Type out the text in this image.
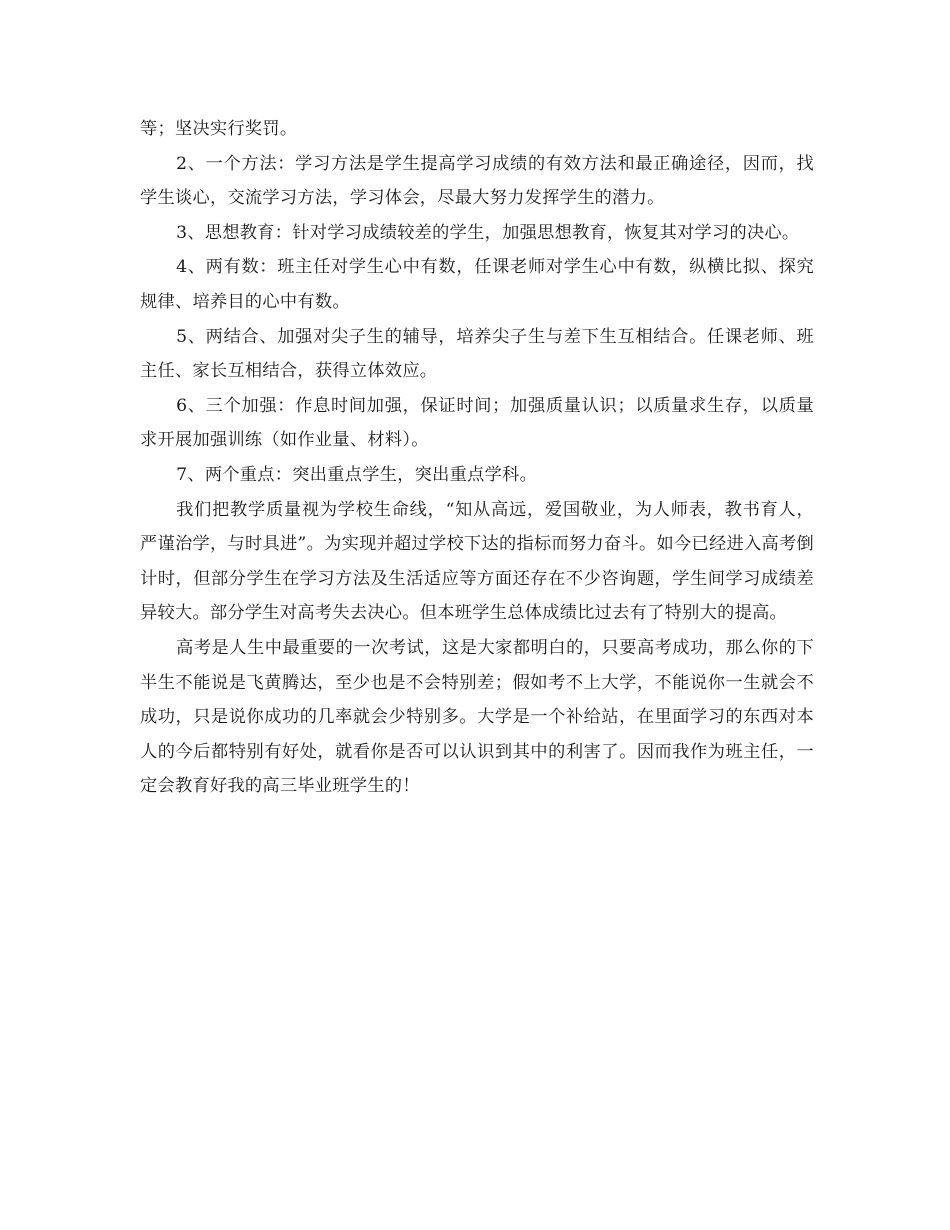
等；坚决实行奖罚。

2、一个方法：学习方法是学生提高学习成绩的有效方法和最正确途径，因而，找学生谈心，交流学习方法，学习体会，尽最大努力发挥学生的潜力。

3、思想教育：针对学习成绩较差的学生，加强思想教育，恢复其对学习的决心。

4、两有数：班主任对学生心中有数，任课老师对学生心中有数，纵横比拟、探究规律、培养目的心中有数。

5、两结合、加强对尖子生的辅导，培养尖子生与差下生互相结合。任课老师、班主任、家长互相结合，获得立体效应。

6、三个加强：作息时间加强，保证时间；加强质量认识；以质量求生存，以质量求开展加强训练（如作业量、材料）。

7、两个重点：突出重点学生，突出重点学科。

我们把教学质量视为学校生命线，“知从高远，爱国敬业，为人师表，教书育人，严谨治学，与时具进”。为实现并超过学校下达的指标而努力奋斗。如今已经进入高考倒计时，但部分学生在学习方法及生活适应等方面还存在不少咨询题，学生间学习成绩差异较大。部分学生对高考失去决心。但本班学生总体成绩比过去有了特别大的提高。

高考是人生中最重要的一次考试，这是大家都明白的，只要高考成功，那么你的下半生不能说是飞黄腾达，至少也是不会特别差；假如考不上大学，不能说你一生就会不成功，只是说你成功的几率就会少特别多。大学是一个补给站，在里面学习的东西对本人的今后都特别有好处，就看你是否可以认识到其中的利害了。因而我作为班主任，一定会教育好我的高三毕业班学生的！
